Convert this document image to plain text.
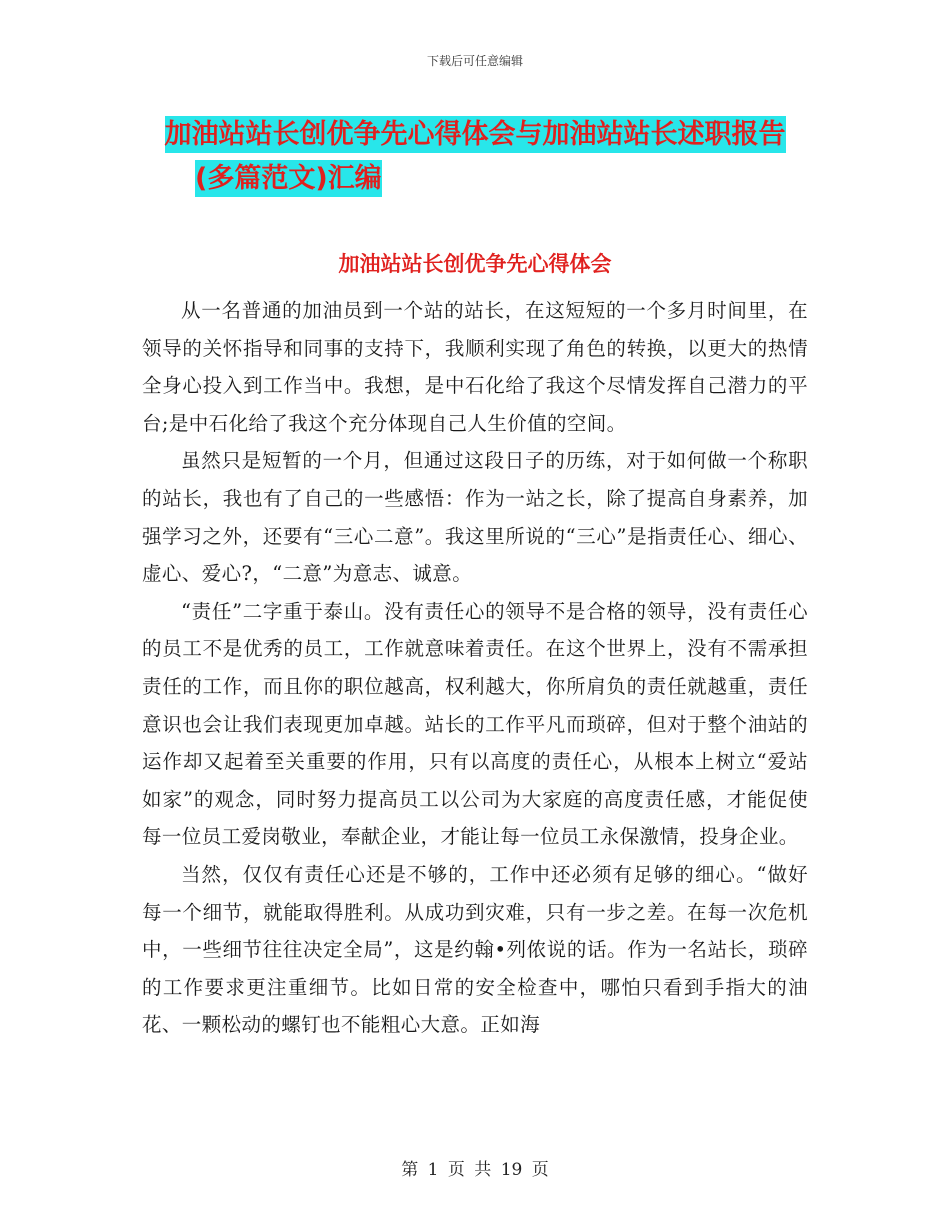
下载后可任意编辑
加油站站长创优争先心得体会与加油站站长述职报告
(多篇范文)汇编
加油站站长创优争先心得体会

从一名普通的加油员到一个站的站长，在这短短的一个多月时间里，在领导的关怀指导和同事的支持下，我顺利实现了角色的转换，以更大的热情全身心投入到工作当中。我想，是中石化给了我这个尽情发挥自己潜力的平台;是中石化给了我这个充分体现自己人生价值的空间。

虽然只是短暂的一个月，但通过这段日子的历练，对于如何做一个称职的站长，我也有了自己的一些感悟：作为一站之长，除了提高自身素养，加强学习之外，还要有“三心二意”。我这里所说的“三心”是指责任心、细心、虚心、爱心?，“二意”为意志、诚意。

“责任”二字重于泰山。没有责任心的领导不是合格的领导，没有责任心的员工不是优秀的员工，工作就意味着责任。在这个世界上，没有不需承担责任的工作，而且你的职位越高，权利越大，你所肩负的责任就越重，责任意识也会让我们表现更加卓越。站长的工作平凡而琐碎，但对于整个油站的运作却又起着至关重要的作用，只有以高度的责任心，从根本上树立“爱站如家”的观念，同时努力提高员工以公司为大家庭的高度责任感，才能促使每一位员工爱岗敬业，奉献企业，才能让每一位员工永保激情，投身企业。

当然，仅仅有责任心还是不够的，工作中还必须有足够的细心。“做好每一个细节，就能取得胜利。从成功到灾难，只有一步之差。在每一次危机中，一些细节往往决定全局”，这是约翰•列侬说的话。作为一名站长，琐碎的工作要求更注重细节。比如日常的安全检查中，哪怕只看到手指大的油花、一颗松动的螺钉也不能粗心大意。正如海

第 1 页 共 19 页
